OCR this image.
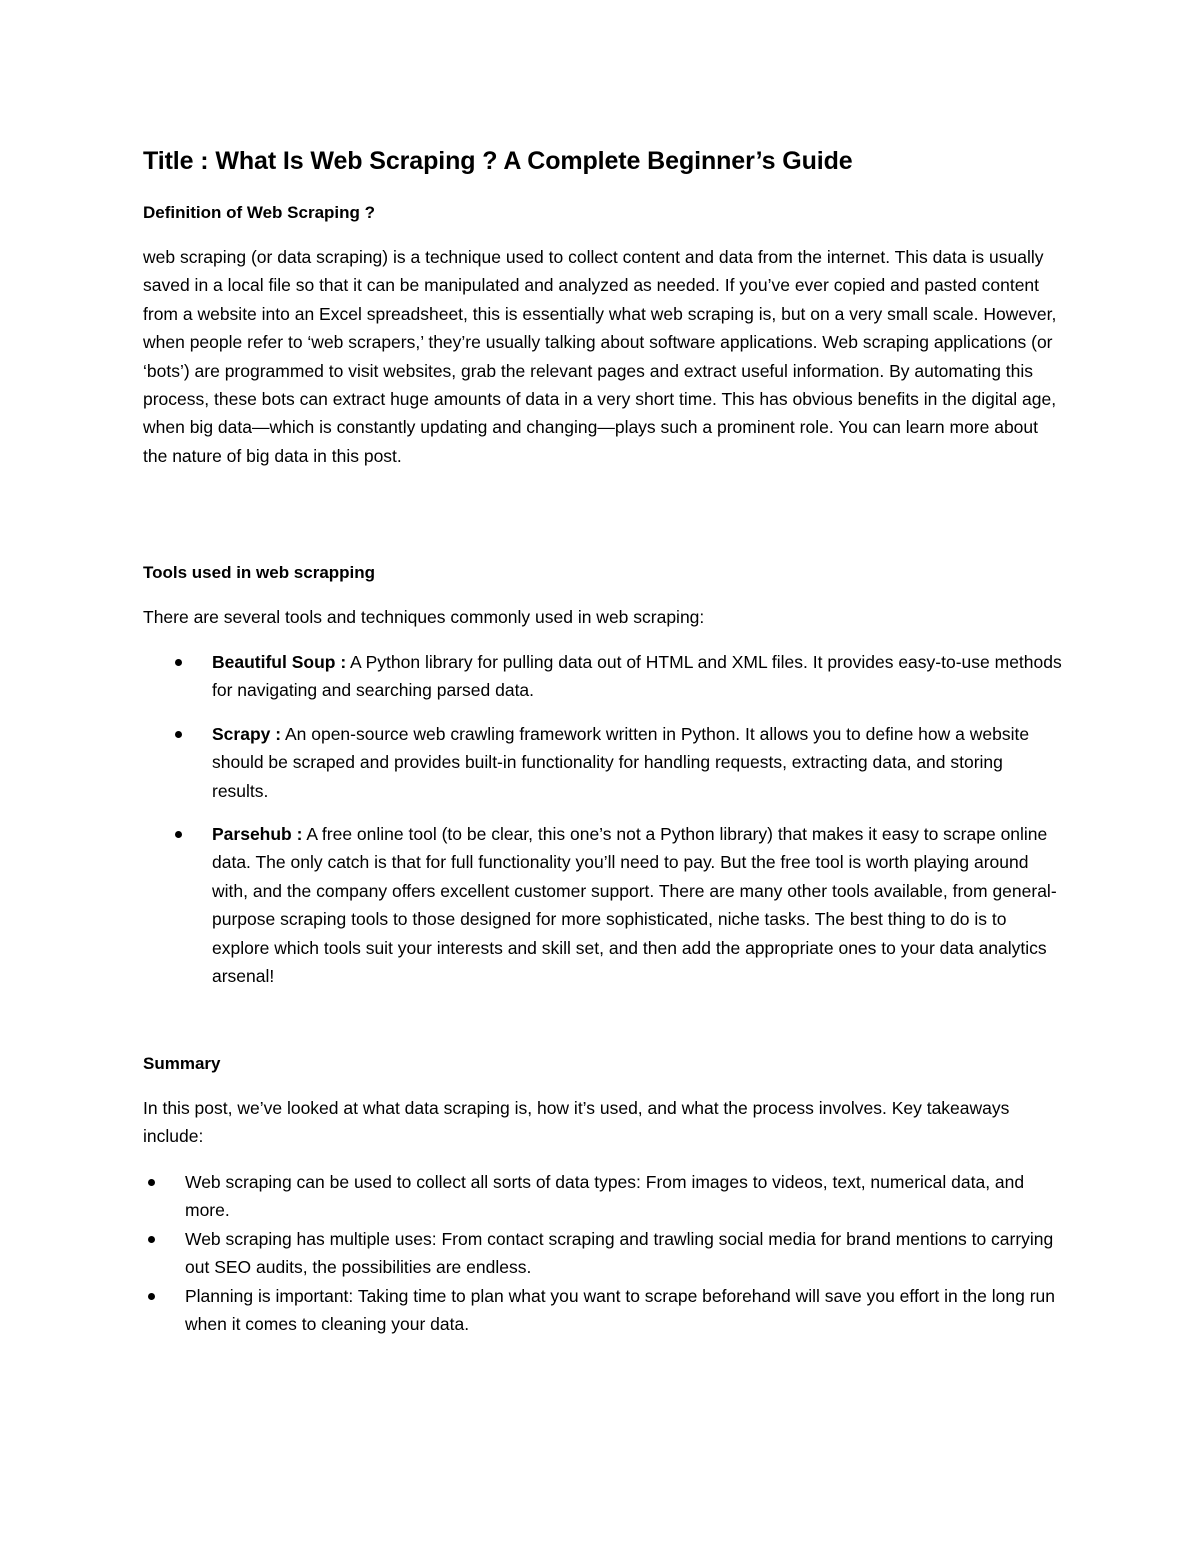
Title : What Is Web Scraping ? A Complete Beginner’s Guide
Definition of Web Scraping ?

web scraping (or data scraping) is a technique used to collect content and data from the internet. This data is usually saved in a local file so that it can be manipulated and analyzed as needed. If you’ve ever copied and pasted content from a website into an Excel spreadsheet, this is essentially what web scraping is, but on a very small scale. However, when people refer to ‘web scrapers,’ they’re usually talking about software applications. Web scraping applications (or ‘bots’) are programmed to visit websites, grab the relevant pages and extract useful information. By automating this process, these bots can extract huge amounts of data in a very short time. This has obvious benefits in the digital age, when big data—which is constantly updating and changing—plays such a prominent role. You can learn more about the nature of big data in this post.

Tools used in web scrapping

There are several tools and techniques commonly used in web scraping:

Beautiful Soup : A Python library for pulling data out of HTML and XML files. It provides easy-to-use methods for navigating and searching parsed data.
Scrapy : An open-source web crawling framework written in Python. It allows you to define how a website should be scraped and provides built-in functionality for handling requests, extracting data, and storing results.
Parsehub : A free online tool (to be clear, this one’s not a Python library) that makes it easy to scrape online data. The only catch is that for full functionality you’ll need to pay. But the free tool is worth playing around with, and the company offers excellent customer support. There are many other tools available, from general-purpose scraping tools to those designed for more sophisticated, niche tasks. The best thing to do is to explore which tools suit your interests and skill set, and then add the appropriate ones to your data analytics arsenal!
Summary

In this post, we’ve looked at what data scraping is, how it’s used, and what the process involves. Key takeaways include:

Web scraping can be used to collect all sorts of data types: From images to videos, text, numerical data, and more.
Web scraping has multiple uses: From contact scraping and trawling social media for brand mentions to carrying out SEO audits, the possibilities are endless.
Planning is important: Taking time to plan what you want to scrape beforehand will save you effort in the long run when it comes to cleaning your data.
